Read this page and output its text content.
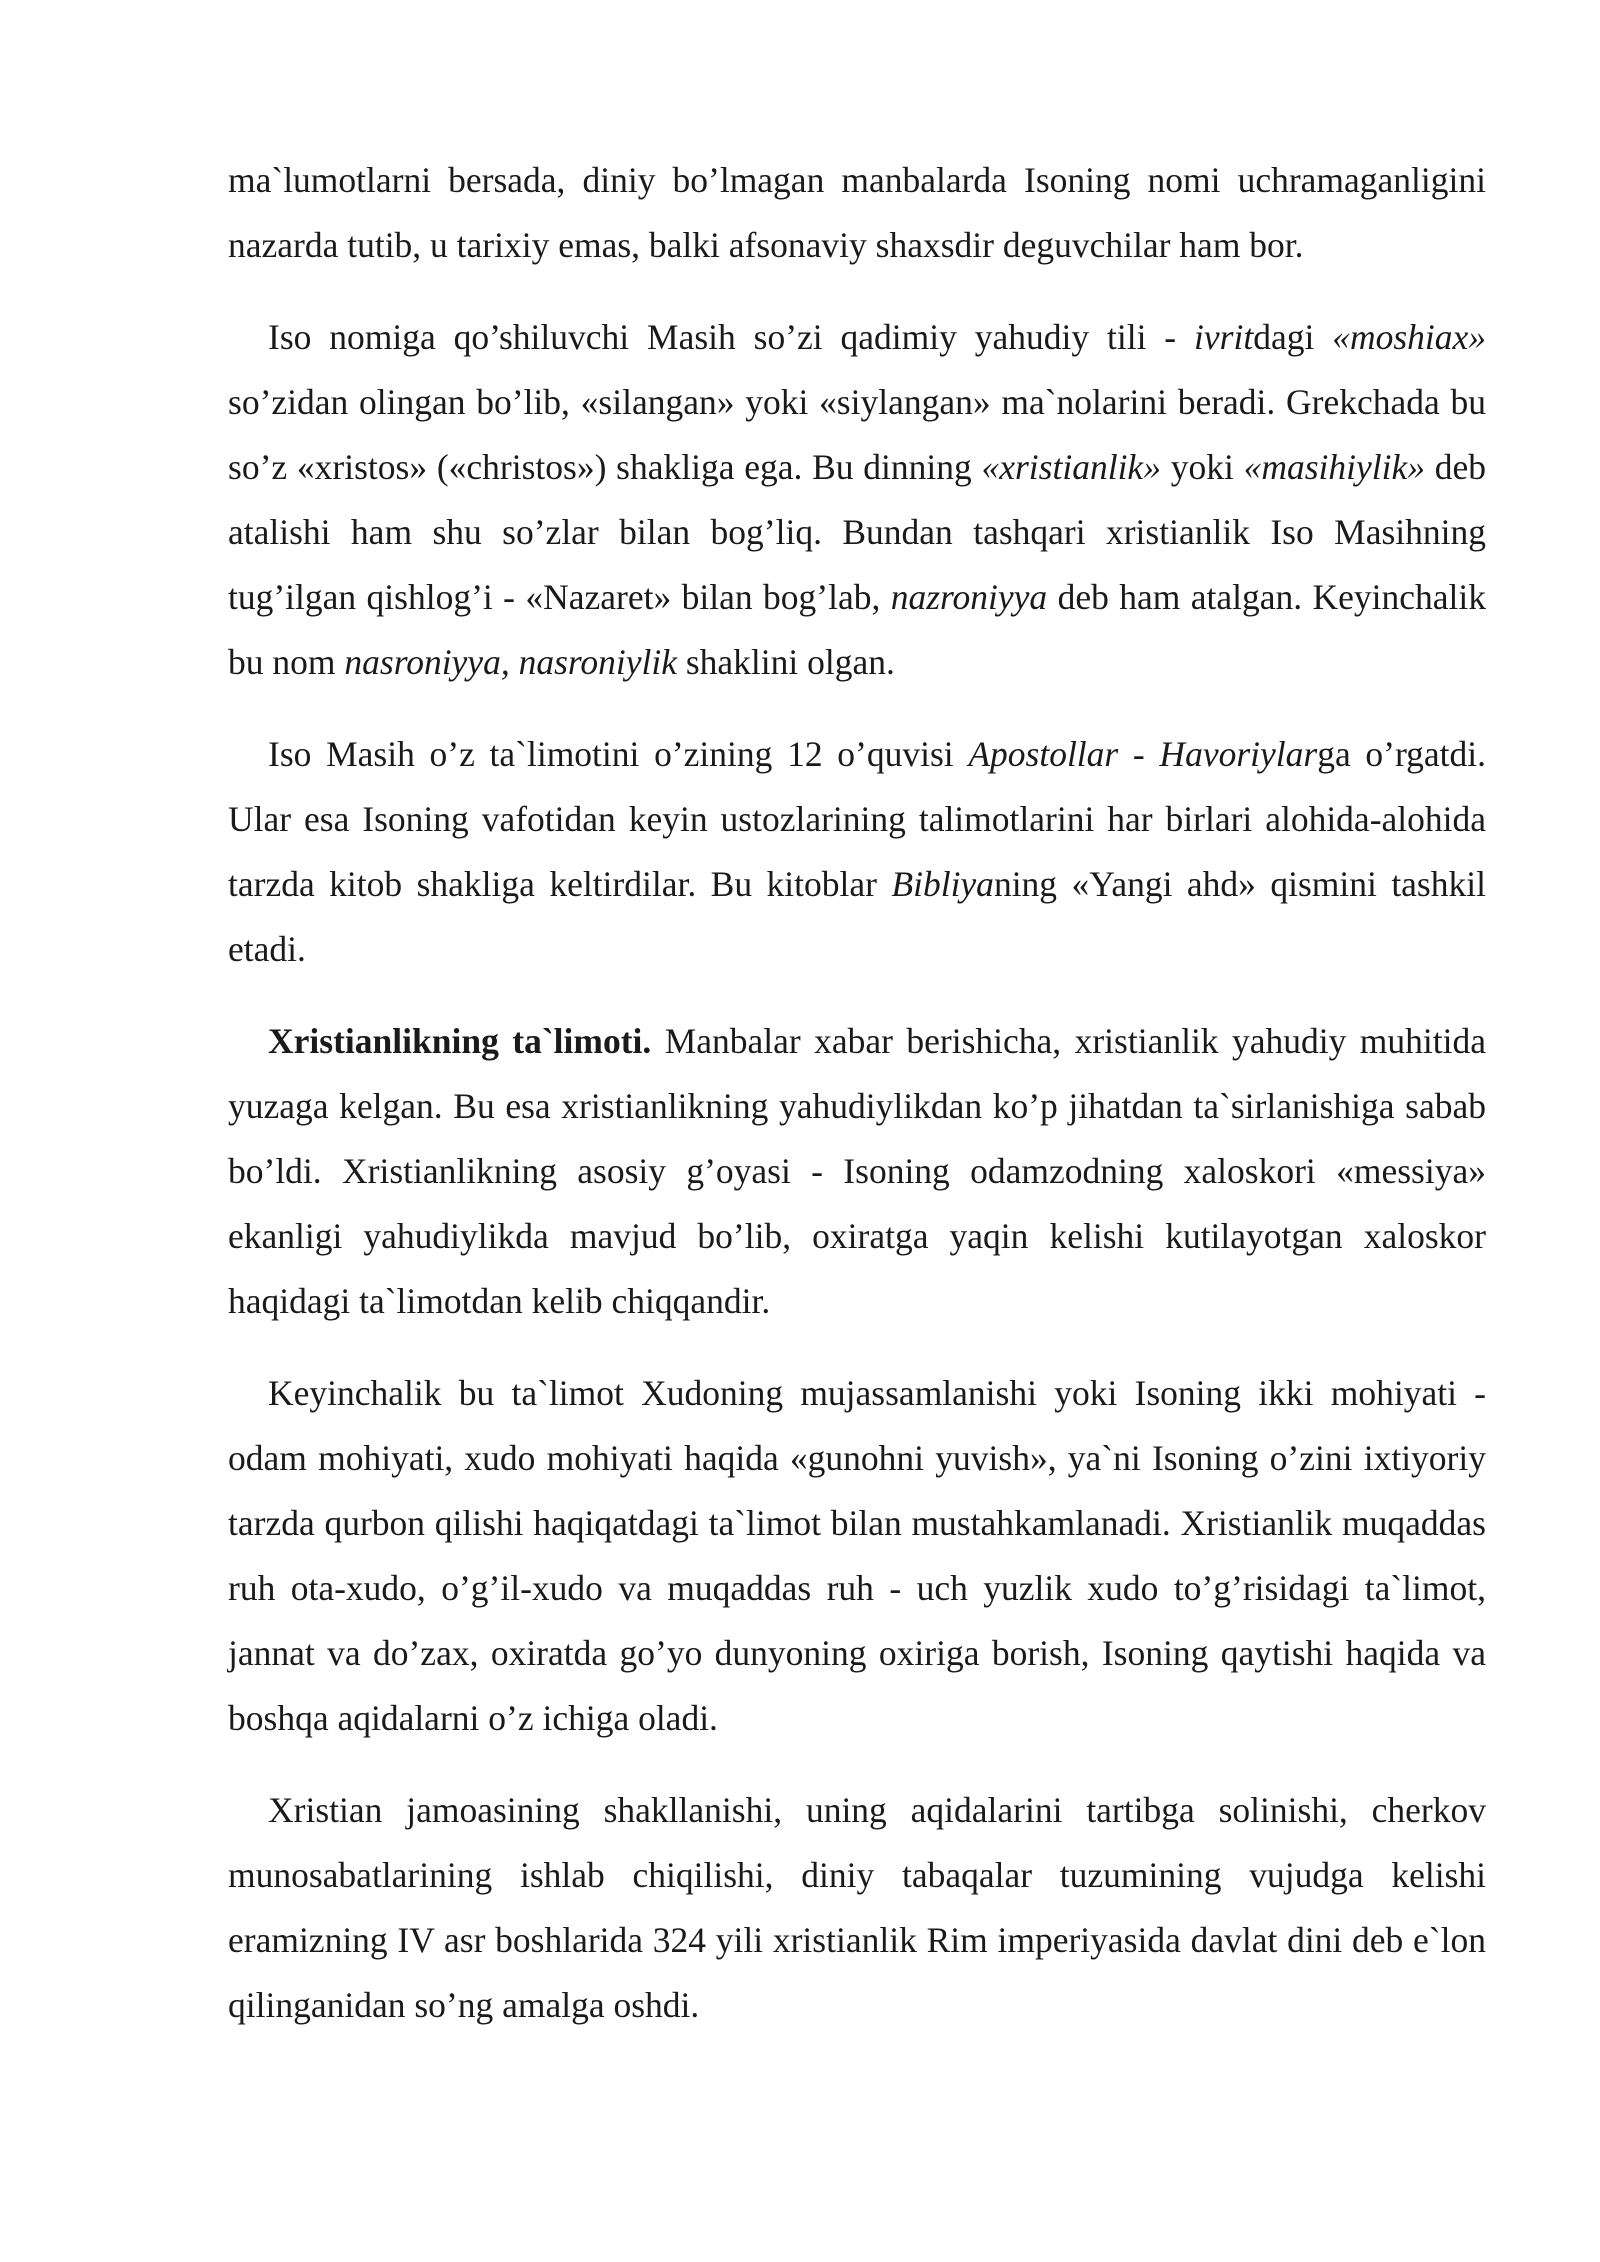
ma`lumotlarni bersada, diniy bo’lmagan manbalarda Isoning nomi uchramaganligini nazarda tutib, u tarixiy emas, balki afsonaviy shaxsdir deguvchilar ham bor.

Iso nomiga qo’shiluvchi Masih so’zi qadimiy yahudiy tili - ivritdagi «moshiax» so’zidan olingan bo’lib, «silangan» yoki «siylangan» ma`nolarini beradi. Grekchada bu so’z «xristos» («christos») shakliga ega. Bu dinning «xristianlik» yoki «masihiylik» deb atalishi ham shu so’zlar bilan bog’liq. Bundan tashqari xristianlik Iso Masihning tug’ilgan qishlog’i - «Nazaret» bilan bog’lab, nazroniyya deb ham atalgan. Keyinchalik bu nom nasroniyya, nasroniylik shaklini olgan.

Iso Masih o’z ta`limotini o’zining 12 o’quvisi Apostollar - Havoriylarga o’rgatdi. Ular esa Isoning vafotidan keyin ustozlarining talimotlarini har birlari alohida-alohida tarzda kitob shakliga keltirdilar. Bu kitoblar Bibliyaning «Yangi ahd» qismini tashkil etadi.

Xristianlikning ta`limoti. Manbalar xabar berishicha, xristianlik yahudiy muhitida yuzaga kelgan. Bu esa xristianlikning yahudiylikdan ko’p jihatdan ta`sirlanishiga sabab bo’ldi. Xristianlikning asosiy g’oyasi - Isoning odamzodning xaloskori «messiya» ekanligi yahudiylikda mavjud bo’lib, oxiratga yaqin kelishi kutilayotgan xaloskor haqidagi ta`limotdan kelib chiqqandir.

Keyinchalik bu ta`limot Xudoning mujassamlanishi yoki Isoning ikki mohiyati - odam mohiyati, xudo mohiyati haqida «gunohni yuvish», ya`ni Isoning o’zini ixtiyoriy tarzda qurbon qilishi haqiqatdagi ta`limot bilan mustahkamlanadi. Xristianlik muqaddas ruh ota-xudo, o’g’il-xudo va muqaddas ruh - uch yuzlik xudo to’g’risidagi ta`limot, jannat va do’zax, oxiratda go’yo dunyoning oxiriga borish, Isoning qaytishi haqida va boshqa aqidalarni o’z ichiga oladi.

Xristian jamoasining shakllanishi, uning aqidalarini tartibga solinishi, cherkov munosabatlarining ishlab chiqilishi, diniy tabaqalar tuzumining vujudga kelishi eramizning IV asr boshlarida 324 yili xristianlik Rim imperiyasida davlat dini deb e`lon qilinganidan so’ng amalga oshdi.
